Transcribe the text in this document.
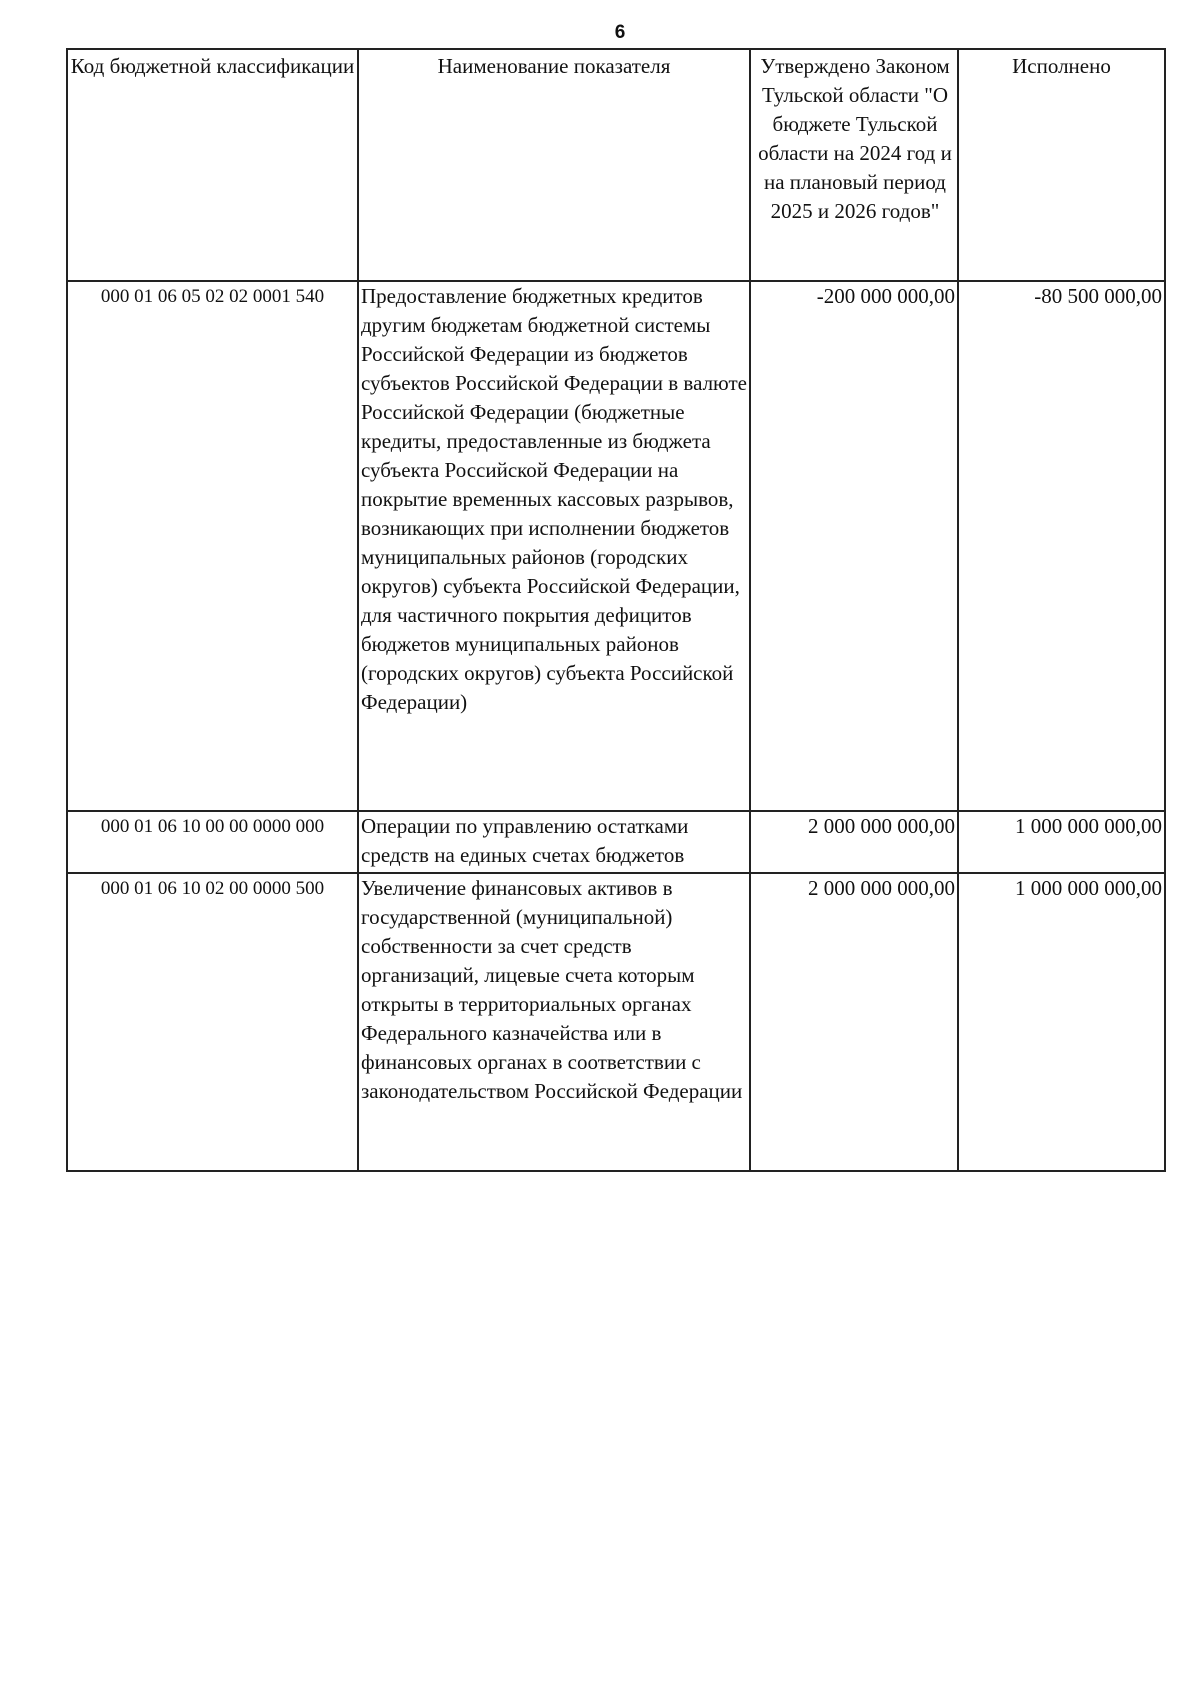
6
Код бюджетной классификации	Наименование показателя	Утверждено Законом Тульской области "О бюджете Тульской области на 2024 год и на плановый период 2025 и 2026 годов"	Исполнено
000 01 06 05 02 02 0001 540	Предоставление бюджетных кредитов другим бюджетам бюджетной системы Российской Федерации из бюджетов субъектов Российской Федерации в валюте Российской Федерации (бюджетные кредиты, предоставленные из бюджета субъекта Российской Федерации на покрытие временных кассовых разрывов, возникающих при исполнении бюджетов муниципальных районов (городских округов) субъекта Российской Федерации, для частичного покрытия дефицитов бюджетов муниципальных районов (городских округов) субъекта Российской Федерации)	-200 000 000,00	-80 500 000,00
000 01 06 10 00 00 0000 000	Операции по управлению остатками средств на единых счетах бюджетов	2 000 000 000,00	1 000 000 000,00
000 01 06 10 02 00 0000 500	Увеличение финансовых активов в государственной (муниципальной) собственности за счет средств организаций, лицевые счета которым открыты в территориальных органах Федерального казначейства или в финансовых органах в соответствии с законодательством Российской Федерации	2 000 000 000,00	1 000 000 000,00
